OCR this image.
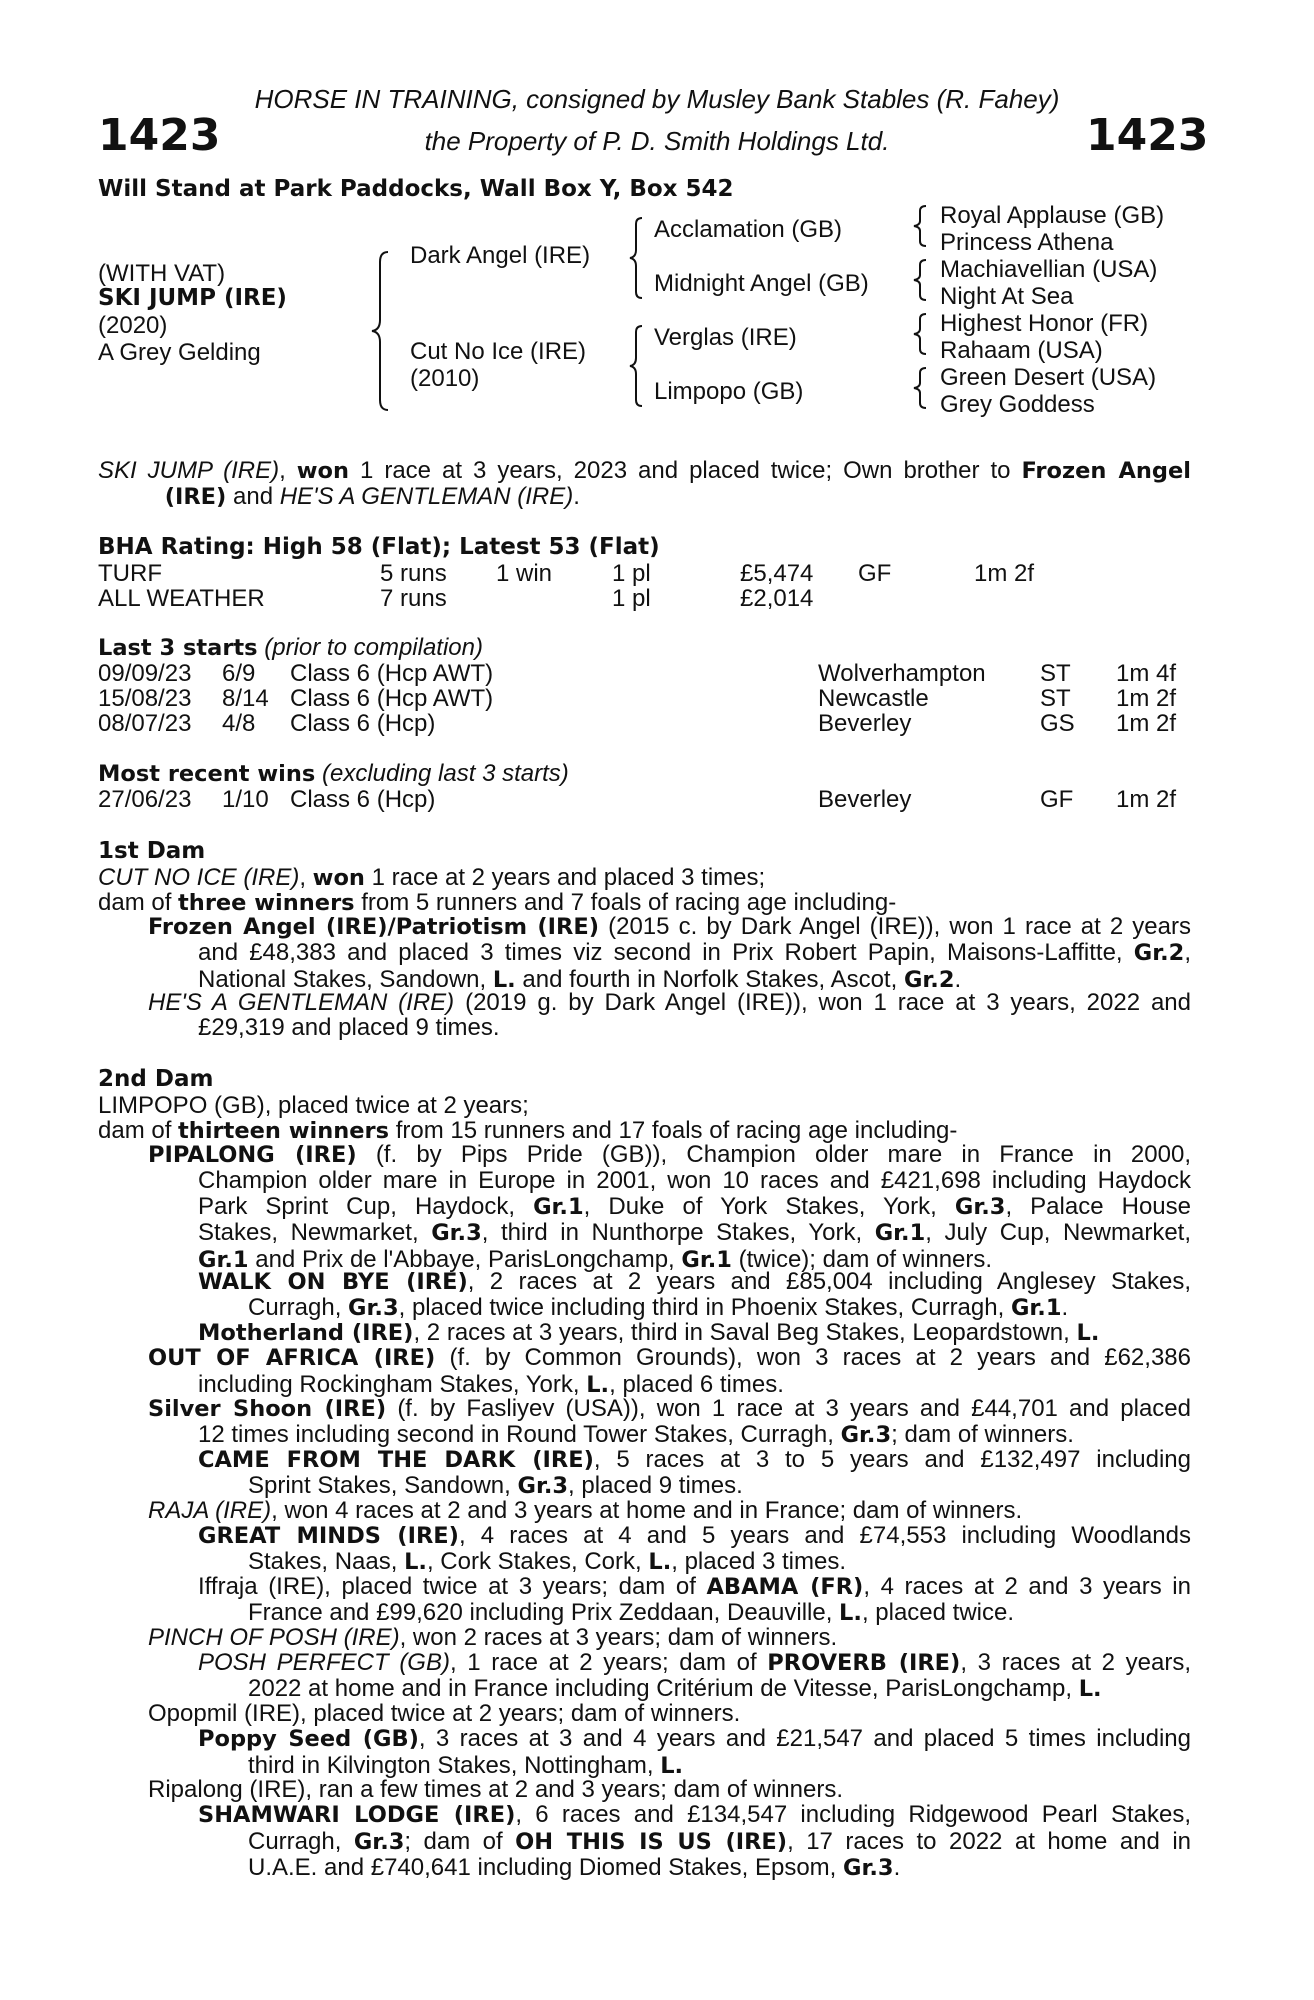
1423	1423
HORSE IN TRAINING, consigned by Musley Bank Stables (R. Fahey)
the Property of P. D. Smith Holdings Ltd.
Will Stand at Park Paddocks, Wall Box Y, Box 542
(WITH VAT)
SKI JUMP (IRE)
(2020)
A Grey Gelding
Dark Angel (IRE)
Cut No Ice (IRE)
(2010)
Acclamation (GB)
Midnight Angel (GB)
Verglas (IRE)
Limpopo (GB)
Royal Applause (GB)
Princess Athena
Machiavellian (USA)
Night At Sea
Highest Honor (FR)
Rahaam (USA)
Green Desert (USA)
Grey Goddess
SKI JUMP (IRE), won 1 race at 3 years, 2023 and placed twice; Own brother to Frozen Angel
(IRE) and HE'S A GENTLEMAN (IRE).
BHA Rating: High 58 (Flat); Latest 53 (Flat)
TURF	5 runs 1 win 1 pl	£5,474 GF	1m 2f
ALL WEATHER	7 runs	1 pl	£2,014
Last 3 starts (prior to compilation)
09/09/23 6/9 Class 6 (Hcp AWT)	Wolverhampton ST 1m 4f
15/08/23 8/14 Class 6 (Hcp AWT)	Newcastle	ST 1m 2f
08/07/23 4/8 Class 6 (Hcp)	Beverley	GS 1m 2f
Most recent wins (excluding last 3 starts)
27/06/23 1/10 Class 6 (Hcp)	Beverley	GF 1m 2f
1st Dam
CUT NO ICE (IRE), won 1 race at 2 years and placed 3 times;
dam of three winners from 5 runners and 7 foals of racing age including-
Frozen Angel (IRE)/Patriotism (IRE) (2015 c. by Dark Angel (IRE)), won 1 race at 2 years and £48,383 and placed 3 times viz second in Prix Robert Papin, Maisons-Laffitte, Gr.2, National Stakes, Sandown, L. and fourth in Norfolk Stakes, Ascot, Gr.2.
HE'S A GENTLEMAN (IRE) (2019 g. by Dark Angel (IRE)), won 1 race at 3 years, 2022 and £29,319 and placed 9 times.
2nd Dam
LIMPOPO (GB), placed twice at 2 years;
dam of thirteen winners from 15 runners and 17 foals of racing age including-
PIPALONG (IRE) (f. by Pips Pride (GB)), Champion older mare in France in 2000,
Champion older mare in Europe in 2001, won 10 races and £421,698 including Haydock
Park Sprint Cup, Haydock, Gr.1, Duke of York Stakes, York, Gr.3, Palace House
Stakes, Newmarket, Gr.3, third in Nunthorpe Stakes, York, Gr.1, July Cup, Newmarket,
Gr.1 and Prix de l'Abbaye, ParisLongchamp, Gr.1 (twice); dam of winners.
WALK ON BYE (IRE), 2 races at 2 years and £85,004 including Anglesey Stakes,
Curragh, Gr.3, placed twice including third in Phoenix Stakes, Curragh, Gr.1.
Motherland (IRE), 2 races at 3 years, third in Saval Beg Stakes, Leopardstown, L.
OUT OF AFRICA (IRE) (f. by Common Grounds), won 3 races at 2 years and £62,386
including Rockingham Stakes, York, L., placed 6 times.
Silver Shoon (IRE) (f. by Fasliyev (USA)), won 1 race at 3 years and £44,701 and placed
12 times including second in Round Tower Stakes, Curragh, Gr.3; dam of winners.
CAME FROM THE DARK (IRE), 5 races at 3 to 5 years and £132,497 including
Sprint Stakes, Sandown, Gr.3, placed 9 times.
RAJA (IRE), won 4 races at 2 and 3 years at home and in France; dam of winners.
GREAT MINDS (IRE), 4 races at 4 and 5 years and £74,553 including Woodlands
Stakes, Naas, L., Cork Stakes, Cork, L., placed 3 times.
Iffraja (IRE), placed twice at 3 years; dam of ABAMA (FR), 4 races at 2 and 3 years in
France and £99,620 including Prix Zeddaan, Deauville, L., placed twice.
PINCH OF POSH (IRE), won 2 races at 3 years; dam of winners.
POSH PERFECT (GB), 1 race at 2 years; dam of PROVERB (IRE), 3 races at 2 years,
2022 at home and in France including Critérium de Vitesse, ParisLongchamp, L.
Opopmil (IRE), placed twice at 2 years; dam of winners.
Poppy Seed (GB), 3 races at 3 and 4 years and £21,547 and placed 5 times including
third in Kilvington Stakes, Nottingham, L.
Ripalong (IRE), ran a few times at 2 and 3 years; dam of winners.
SHAMWARI LODGE (IRE), 6 races and £134,547 including Ridgewood Pearl Stakes,
Curragh, Gr.3; dam of OH THIS IS US (IRE), 17 races to 2022 at home and in
U.A.E. and £740,641 including Diomed Stakes, Epsom, Gr.3.
